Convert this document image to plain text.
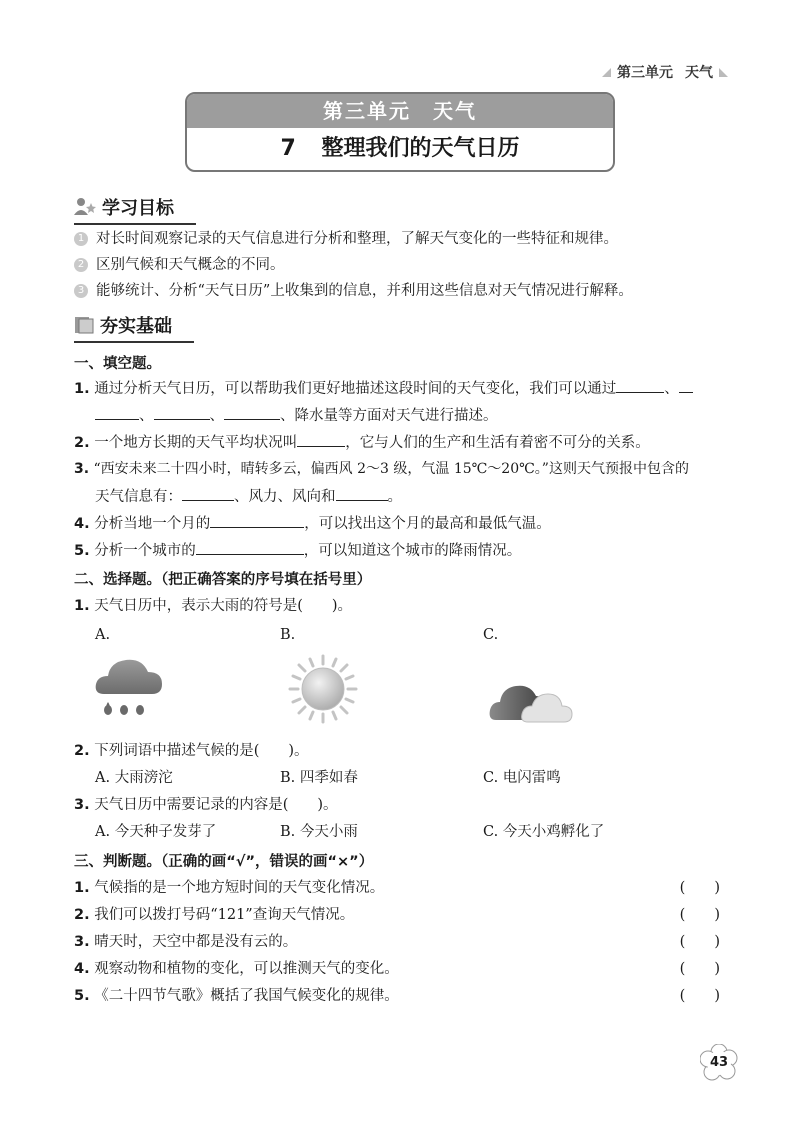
第三单元 天气
第三单元　天气
7 整理我们的天气日历
学习目标
1 对长时间观察记录的天气信息进行分析和整理，了解天气变化的一些特征和规律。
2 区别气候和天气概念的不同。
3 能够统计、分析“天气日历”上收集到的信息，并利用这些信息对天气情况进行解释。
夯实基础
一、填空题。
1. 通过分析天气日历，可以帮助我们更好地描述这段时间的天气变化，我们可以通过	、
、	、	、降水量等方面对天气进行描述。
2. 一个地方长期的天气平均状况叫	，它与人们的生产和生活有着密不可分的关系。
3. “西安未来二十四小时，晴转多云，偏西风 2～3 级，气温 15℃～20℃。”这则天气预报中包含的
天气信息有：	、风力、风向和	。
4. 分析当地一个月的	，可以找出这个月的最高和最低气温。
5. 分析一个城市的	，可以知道这个城市的降雨情况。
二、选择题。（把正确答案的序号填在括号里）
1. 天气日历中，表示大雨的符号是(　　)。
A.	B.	C.
2. 下列词语中描述气候的是(　　)。
A. 大雨滂沱	B. 四季如春	C. 电闪雷鸣
3. 天气日历中需要记录的内容是(　　)。
A. 今天种子发芽了	B. 今天小雨	C. 今天小鸡孵化了
三、判断题。（正确的画“√”，错误的画“×”）
1. 气候指的是一个地方短时间的天气变化情况。	(　　)
2. 我们可以拨打号码“121”查询天气情况。	(　　)
3. 晴天时，天空中都是没有云的。	(　　)
4. 观察动物和植物的变化，可以推测天气的变化。	(　　)
5. 《二十四节气歌》概括了我国气候变化的规律。	(　　)
43
